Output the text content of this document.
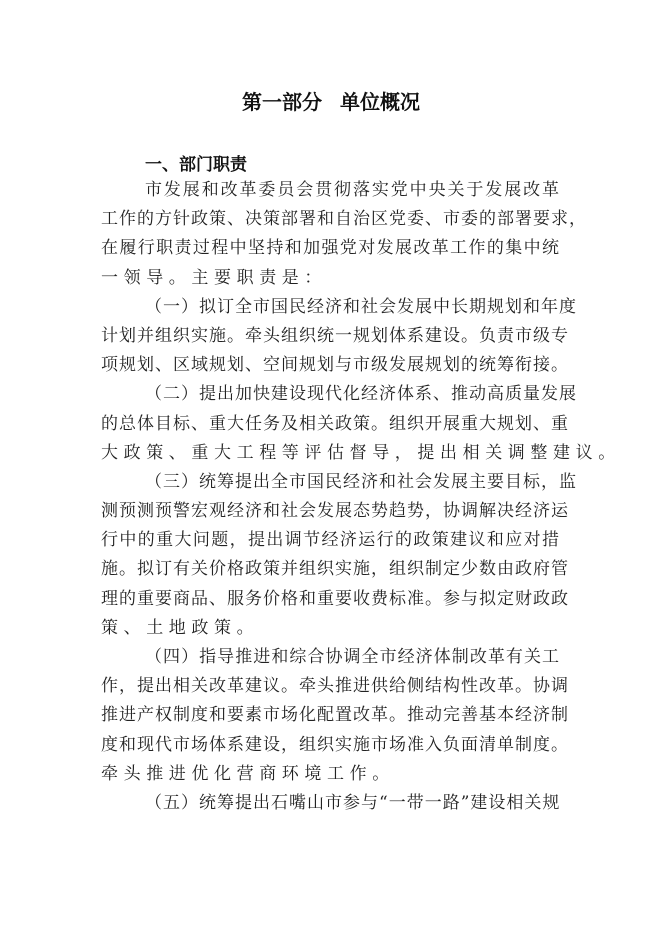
第一部分 单位概况
一、部门职责
市发展和改革委员会贯彻落实党中央关于发展改革
工作的方针政策、决策部署和自治区党委、市委的部署要求，
在履行职责过程中坚持和加强党对发展改革工作的集中统
一领导。主要职责是：
（一）拟订全市国民经济和社会发展中长期规划和年度
计划并组织实施。牵头组织统一规划体系建设。负责市级专
项规划、区域规划、空间规划与市级发展规划的统筹衔接。
（二）提出加快建设现代化经济体系、推动高质量发展
的总体目标、重大任务及相关政策。组织开展重大规划、重
大政策、重大工程等评估督导，提出相关调整建议。
（三）统筹提出全市国民经济和社会发展主要目标，监
测预测预警宏观经济和社会发展态势趋势，协调解决经济运
行中的重大问题，提出调节经济运行的政策建议和应对措
施。拟订有关价格政策并组织实施，组织制定少数由政府管
理的重要商品、服务价格和重要收费标准。参与拟定财政政
策、土地政策。
（四）指导推进和综合协调全市经济体制改革有关工
作，提出相关改革建议。牵头推进供给侧结构性改革。协调
推进产权制度和要素市场化配置改革。推动完善基本经济制
度和现代市场体系建设，组织实施市场准入负面清单制度。
牵头推进优化营商环境工作。
（五）统筹提出石嘴山市参与“一带一路”建设相关规
